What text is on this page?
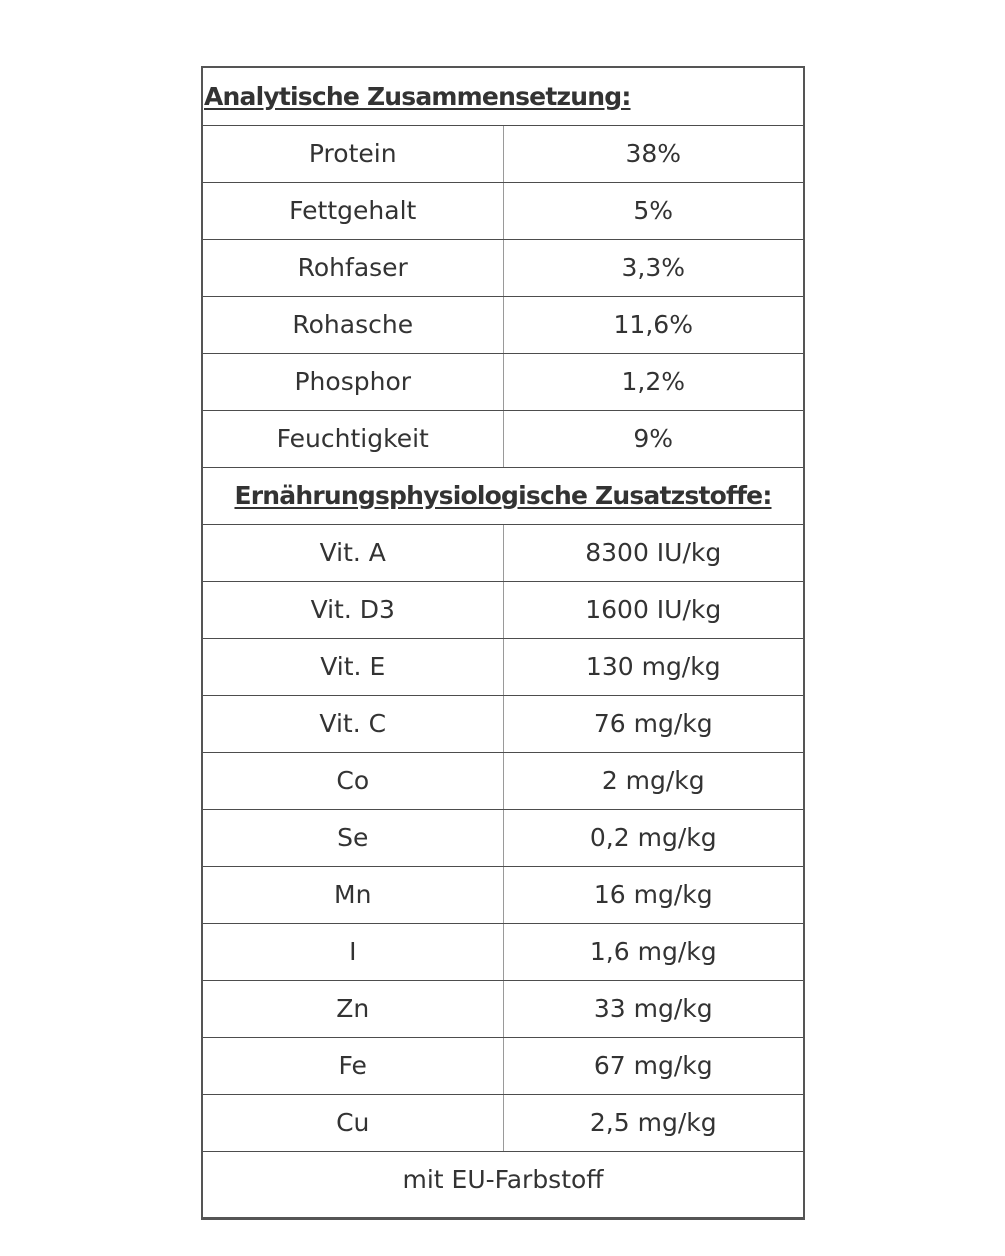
Analytische Zusammensetzung:	
Protein	38%
Fettgehalt	5%
Rohfaser	3,3%
Rohasche	11,6%
Phosphor	1,2%
Feuchtigkeit	9%
Ernährungsphysiologische Zusatzstoffe:	
Vit. A	8300 IU/kg
Vit. D3	1600 IU/kg
Vit. E	130 mg/kg
Vit. C	76 mg/kg
Co	2 mg/kg
Se	0,2 mg/kg
Mn	16 mg/kg
I	1,6 mg/kg
Zn	33 mg/kg
Fe	67 mg/kg
Cu	2,5 mg/kg
mit EU-Farbstoff	
